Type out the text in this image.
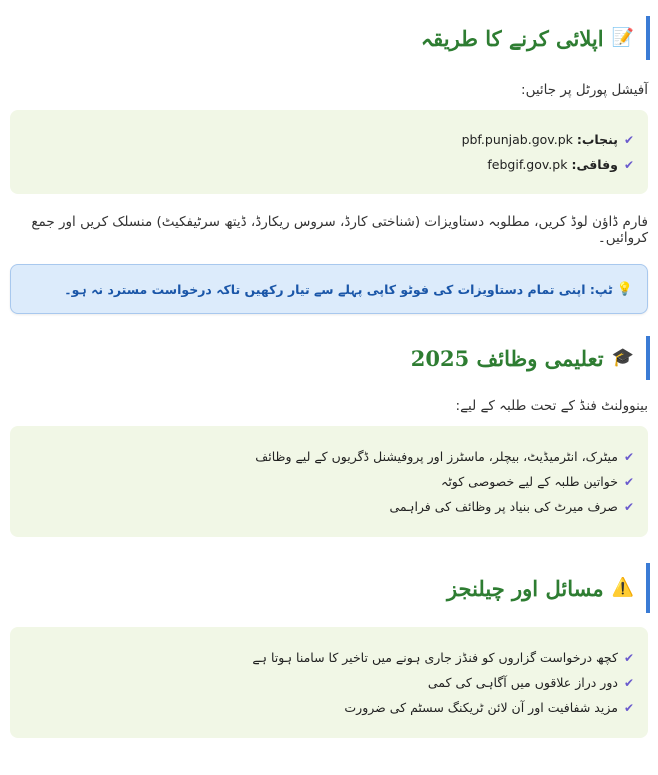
📝
اپلائی کرنے کا طریقہ

آفیشل پورٹل پر جائیں:

✔
پنجاب:
pbf.punjab.gov.pk
✔
وفاقی:
febgif.gov.pk

فارم ڈاؤن لوڈ کریں، مطلوبہ دستاویزات (شناختی کارڈ، سروس ریکارڈ، ڈیتھ سرٹیفکیٹ) منسلک کریں اور جمع کروائیں۔

💡
ٹپ: اپنی تمام دستاویزات کی فوٹو کاپی پہلے سے تیار رکھیں تاکہ درخواست مسترد نہ ہو۔
🎓
تعلیمی وظائف 2025

بینوولنٹ فنڈ کے تحت طلبہ کے لیے:

✔
میٹرک، انٹرمیڈیٹ، بیچلر، ماسٹرز اور پروفیشنل ڈگریوں کے لیے وظائف
✔
خواتین طلبہ کے لیے خصوصی کوٹہ
✔
صرف میرٹ کی بنیاد پر وظائف کی فراہمی
⚠️
مسائل اور چیلنجز
✔
کچھ درخواست گزاروں کو فنڈز جاری ہونے میں تاخیر کا سامنا ہوتا ہے
✔
دور دراز علاقوں میں آگاہی کی کمی
✔
مزید شفافیت اور آن لائن ٹریکنگ سسٹم کی ضرورت
